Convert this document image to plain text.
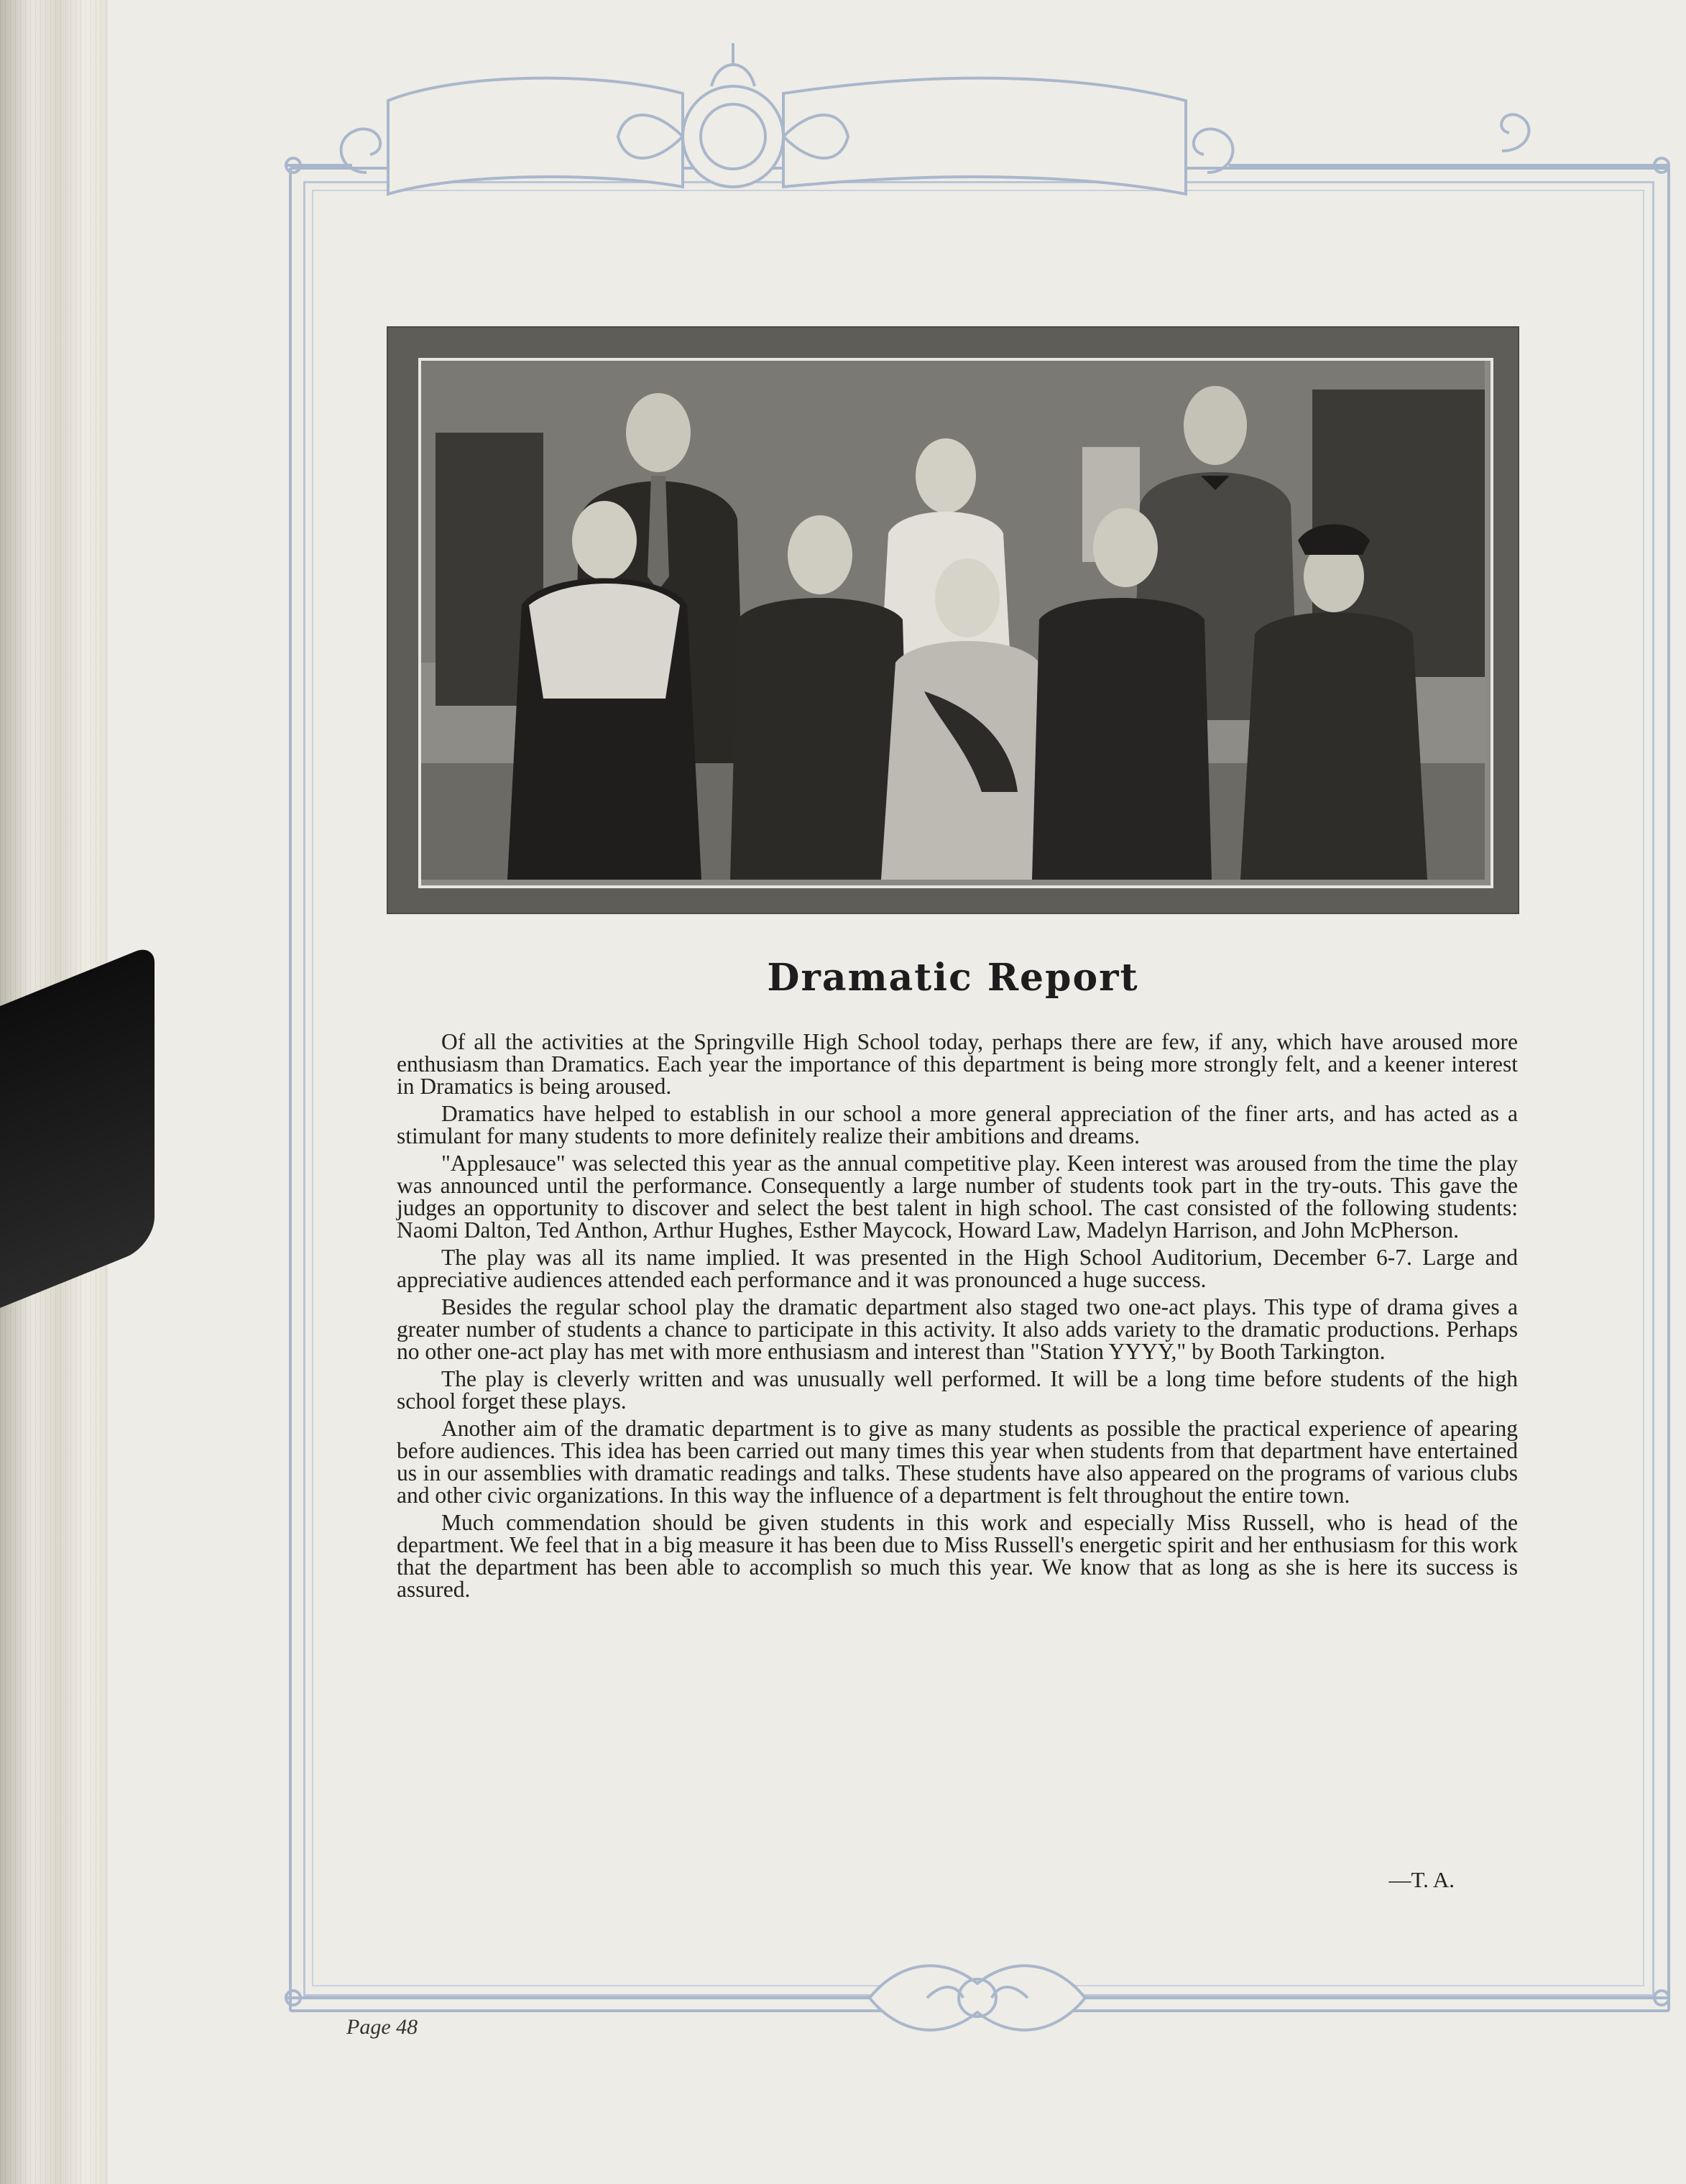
Dramatic Report

Of all the activities at the Springville High School today, perhaps there are few, if any, which have aroused more enthusiasm than Dramatics. Each year the importance of this department is being more strongly felt, and a keener interest in Dramatics is being aroused.

Dramatics have helped to establish in our school a more general appreciation of the finer arts, and has acted as a stimulant for many students to more definitely realize their ambitions and dreams.

"Applesauce" was selected this year as the annual competitive play. Keen interest was aroused from the time the play was announced until the performance. Consequently a large number of students took part in the try-outs. This gave the judges an opportunity to discover and select the best talent in high school. The cast consisted of the following students: Naomi Dalton, Ted Anthon, Arthur Hughes, Esther Maycock, Howard Law, Madelyn Harrison, and John McPherson.

The play was all its name implied. It was presented in the High School Auditorium, December 6-7. Large and appreciative audiences attended each performance and it was pronounced a huge success.

Besides the regular school play the dramatic department also staged two one-act plays. This type of drama gives a greater number of students a chance to participate in this activity. It also adds variety to the dramatic productions. Perhaps no other one-act play has met with more enthusiasm and interest than "Station YYYY," by Booth Tarkington.

The play is cleverly written and was unusually well performed. It will be a long time before students of the high school forget these plays.

Another aim of the dramatic department is to give as many students as possible the practical experience of apearing before audiences. This idea has been carried out many times this year when students from that department have entertained us in our assemblies with dramatic readings and talks. These students have also appeared on the programs of various clubs and other civic organizations. In this way the influence of a department is felt throughout the entire town.

Much commendation should be given students in this work and especially Miss Russell, who is head of the department. We feel that in a big measure it has been due to Miss Russell's energetic spirit and her enthusiasm for this work that the department has been able to accomplish so much this year. We know that as long as she is here its success is assured.

—T. A.
Page 48
